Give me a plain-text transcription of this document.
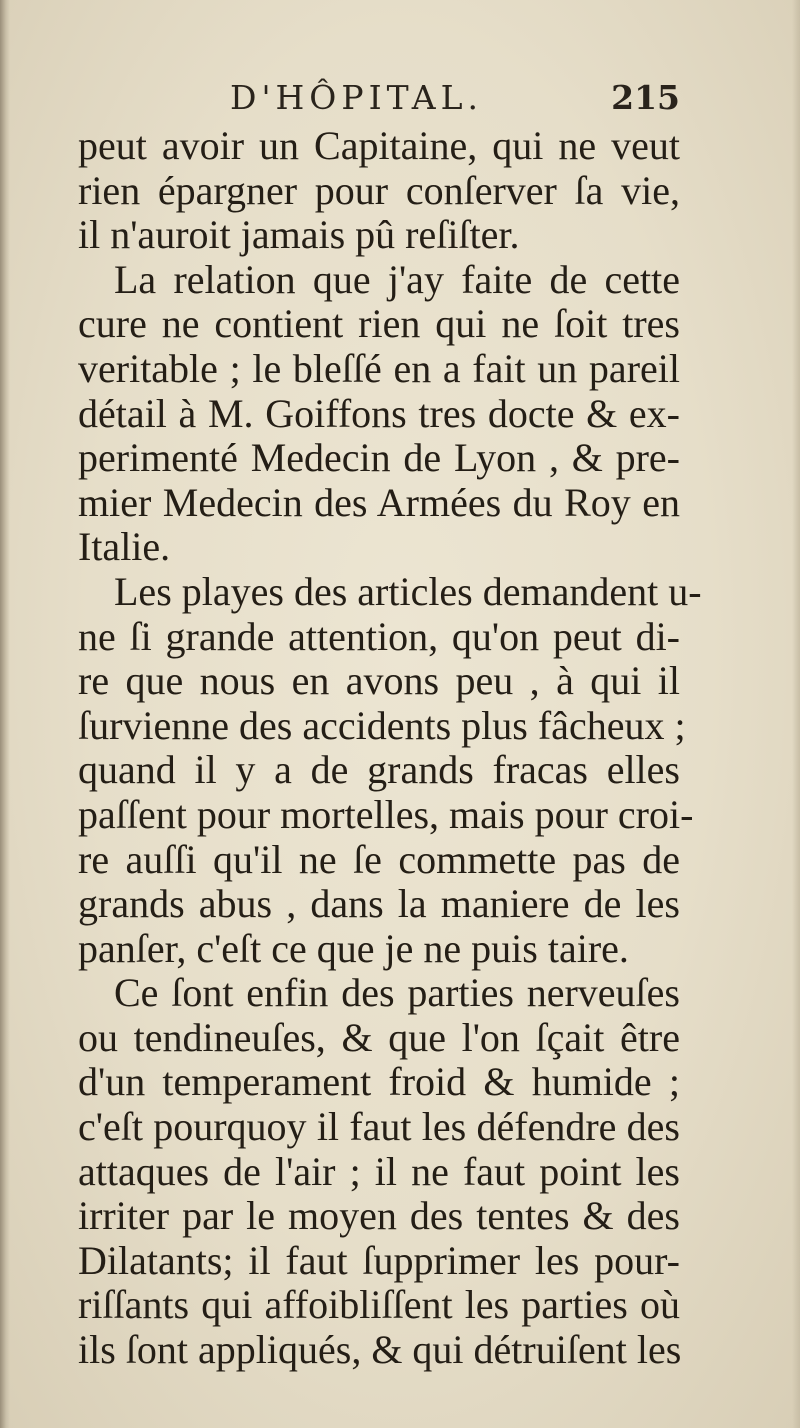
D'HÔPITAL.	215
peut avoir un Capitaine, qui ne veut
rien épargner pour conſerver ſa vie,
il n'auroit jamais pû reſiſter.
La relation que j'ay faite de cette
cure ne contient rien qui ne ſoit tres
veritable ; le bleſſé en a fait un pareil
détail à M. Goiffons tres docte & ex-
perimenté Medecin de Lyon , & pre-
mier Medecin des Armées du Roy en
Italie.
Les playes des articles demandent u-
ne ſi grande attention, qu'on peut di-
re que nous en avons peu , à qui il
ſurvienne des accidents plus fâcheux ;
quand il y a de grands fracas elles
paſſent pour mortelles, mais pour croi-
re auſſi qu'il ne ſe commette pas de
grands abus , dans la maniere de les
panſer, c'eſt ce que je ne puis taire.
Ce ſont enfin des parties nerveuſes
ou tendineuſes, & que l'on ſçait être
d'un temperament froid & humide ;
c'eſt pourquoy il faut les défendre des
attaques de l'air ; il ne faut point les
irriter par le moyen des tentes & des
Dilatants; il faut ſupprimer les pour-
riſſants qui affoibliſſent les parties où
ils ſont appliqués, & qui détruiſent les
